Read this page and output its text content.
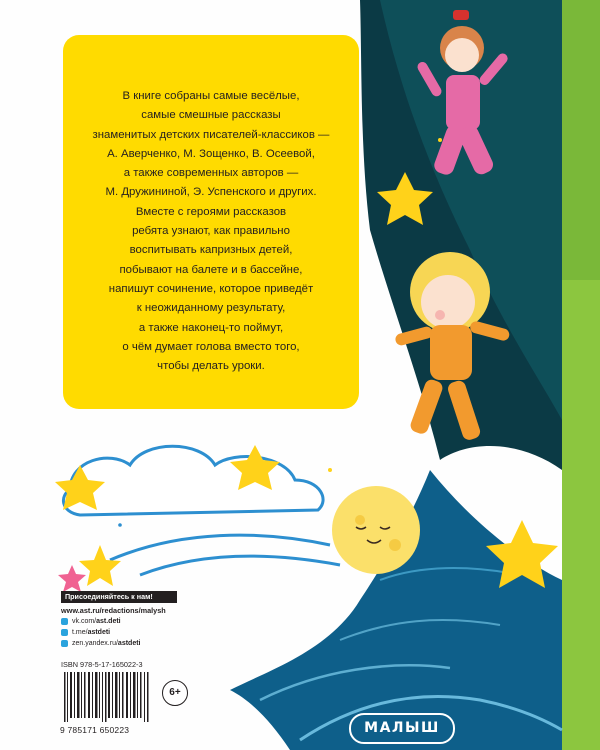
В книге собраны самые весёлые,
самые смешные рассказы
знаменитых детских писателей-классиков —
А. Аверченко, М. Зощенко, В. Осеевой,
а также современных авторов —
М. Дружининой, Э. Успенского и других.
Вместе с героями рассказов
ребята узнают, как правильно
воспитывать капризных детей,
побывают на балете и в бассейне,
напишут сочинение, которое приведёт
к неожиданному результату,
а также наконец-то поймут,
о чём думает голова вместо того,
чтобы делать уроки.
Присоединяйтесь к нам!
www.ast.ru/redactions/malysh
vk.com/ ast.deti
t.me/ astdeti
zen.yandex.ru/ astdeti
ISBN 978-5-17-165022-3
9 785171 650223
6+
МАЛЫШ
